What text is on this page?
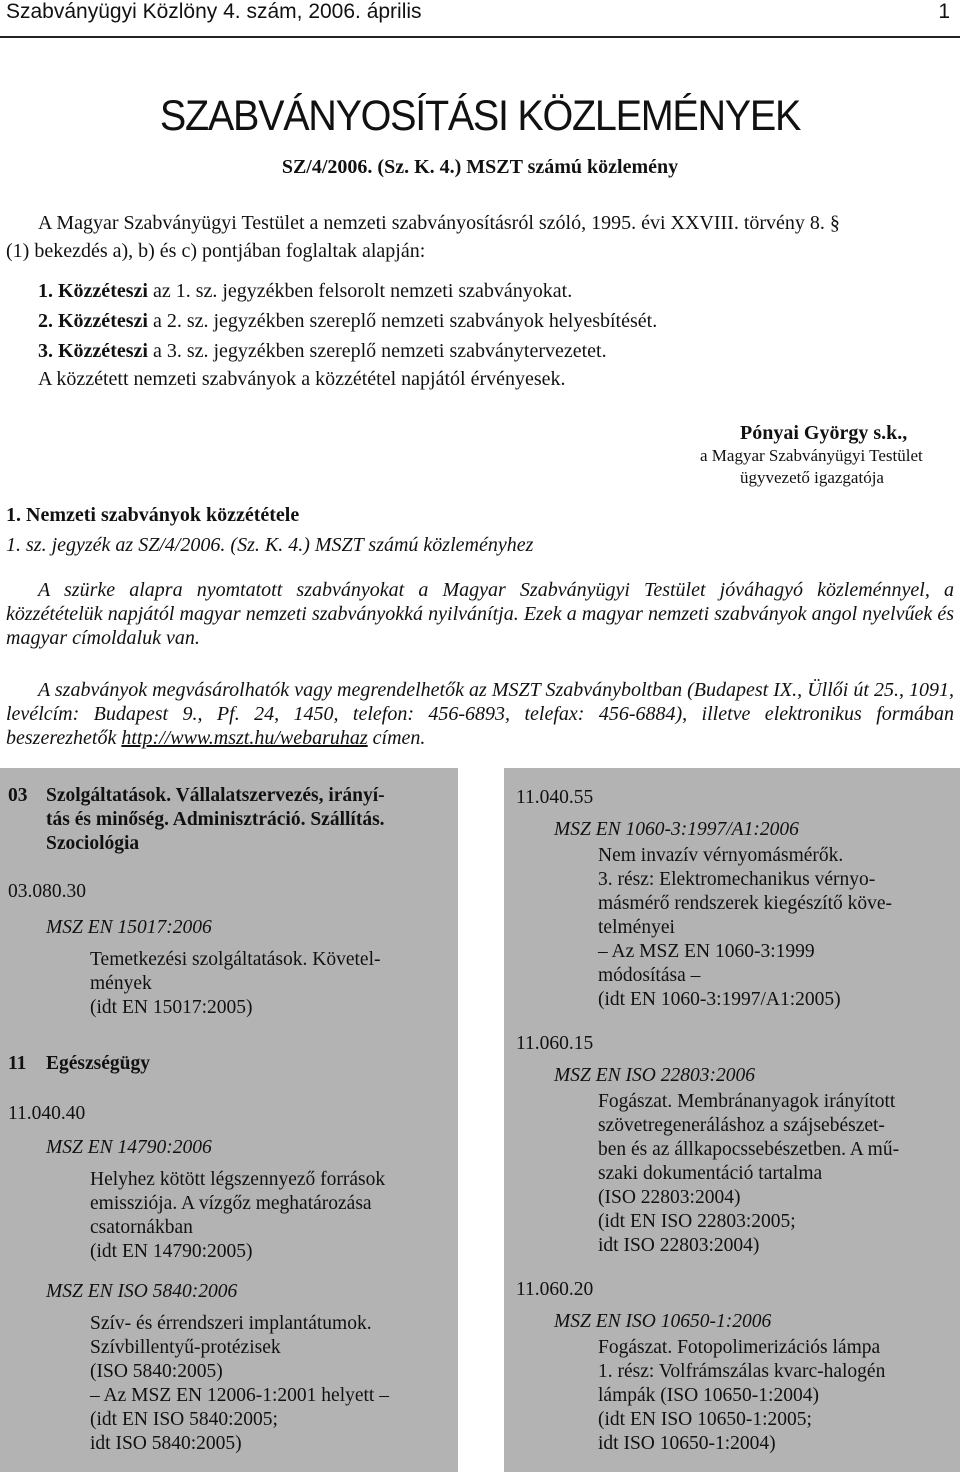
Szabványügyi Közlöny 4. szám, 2006. április	1
SZABVÁNYOSÍTÁSI KÖZLEMÉNYEK
SZ/4/2006. (Sz. K. 4.) MSZT számú közlemény
A Magyar Szabványügyi Testület a nemzeti szabványosításról szóló, 1995. évi XXVIII. törvény 8. §
(1) bekezdés a), b) és c) pontjában foglaltak alapján:
1. Közzéteszi az 1. sz. jegyzékben felsorolt nemzeti szabványokat.
2. Közzéteszi a 2. sz. jegyzékben szereplő nemzeti szabványok helyesbítését.
3. Közzéteszi a 3. sz. jegyzékben szereplő nemzeti szabványtervezetet.
A közzétett nemzeti szabványok a közzététel napjától érvényesek.
Pónyai György s.k.,
a Magyar Szabványügyi Testület
ügyvezető igazgatója
1. Nemzeti szabványok közzététele
1. sz. jegyzék az SZ/4/2006. (Sz. K. 4.) MSZT számú közleményhez
A szürke alapra nyomtatott szabványokat a Magyar Szabványügyi Testület jóváhagyó közleménnyel, a közzétételük napjától magyar nemzeti szabványokká nyilvánítja. Ezek a magyar nemzeti szabványok angol nyelvűek és magyar címoldaluk van.
A szabványok megvásárolhatók vagy megrendelhetők az MSZT Szabványboltban (Budapest IX., Üllői út 25., 1091, levélcím: Budapest 9., Pf. 24, 1450, telefon: 456-6893, telefax: 456-6884), illetve elektronikus formában beszerezhetők http://www.mszt.hu/webaruhaz címen.
03 Szolgáltatások. Vállalatszervezés, irányí-
tás és minőség. Adminisztráció. Szállítás.
Szociológia
03.080.30
MSZ EN 15017:2006
Temetkezési szolgáltatások. Követel-
mények
(idt EN 15017:2005)
11 Egészségügy
11.040.40
MSZ EN 14790:2006
Helyhez kötött légszennyező források
emissziója. A vízgőz meghatározása
csatornákban
(idt EN 14790:2005)
MSZ EN ISO 5840:2006
Szív- és érrendszeri implantátumok.
Szívbillentyű-protézisek
(ISO 5840:2005)
– Az MSZ EN 12006-1:2001 helyett –
(idt EN ISO 5840:2005;
idt ISO 5840:2005)
11.040.55
MSZ EN 1060-3:1997/A1:2006
Nem invazív vérnyomásmérők.
3. rész: Elektromechanikus vérnyo-
másmérő rendszerek kiegészítő köve-
telményei
– Az MSZ EN 1060-3:1999
módosítása –
(idt EN 1060-3:1997/A1:2005)
11.060.15
MSZ EN ISO 22803:2006
Fogászat. Membránanyagok irányított
szövetregeneráláshoz a szájsebészet-
ben és az állkapocssebészetben. A mű-
szaki dokumentáció tartalma
(ISO 22803:2004)
(idt EN ISO 22803:2005;
idt ISO 22803:2004)
11.060.20
MSZ EN ISO 10650-1:2006
Fogászat. Fotopolimerizációs lámpa
1. rész: Volfrámszálas kvarc-halogén
lámpák (ISO 10650-1:2004)
(idt EN ISO 10650-1:2005;
idt ISO 10650-1:2004)
